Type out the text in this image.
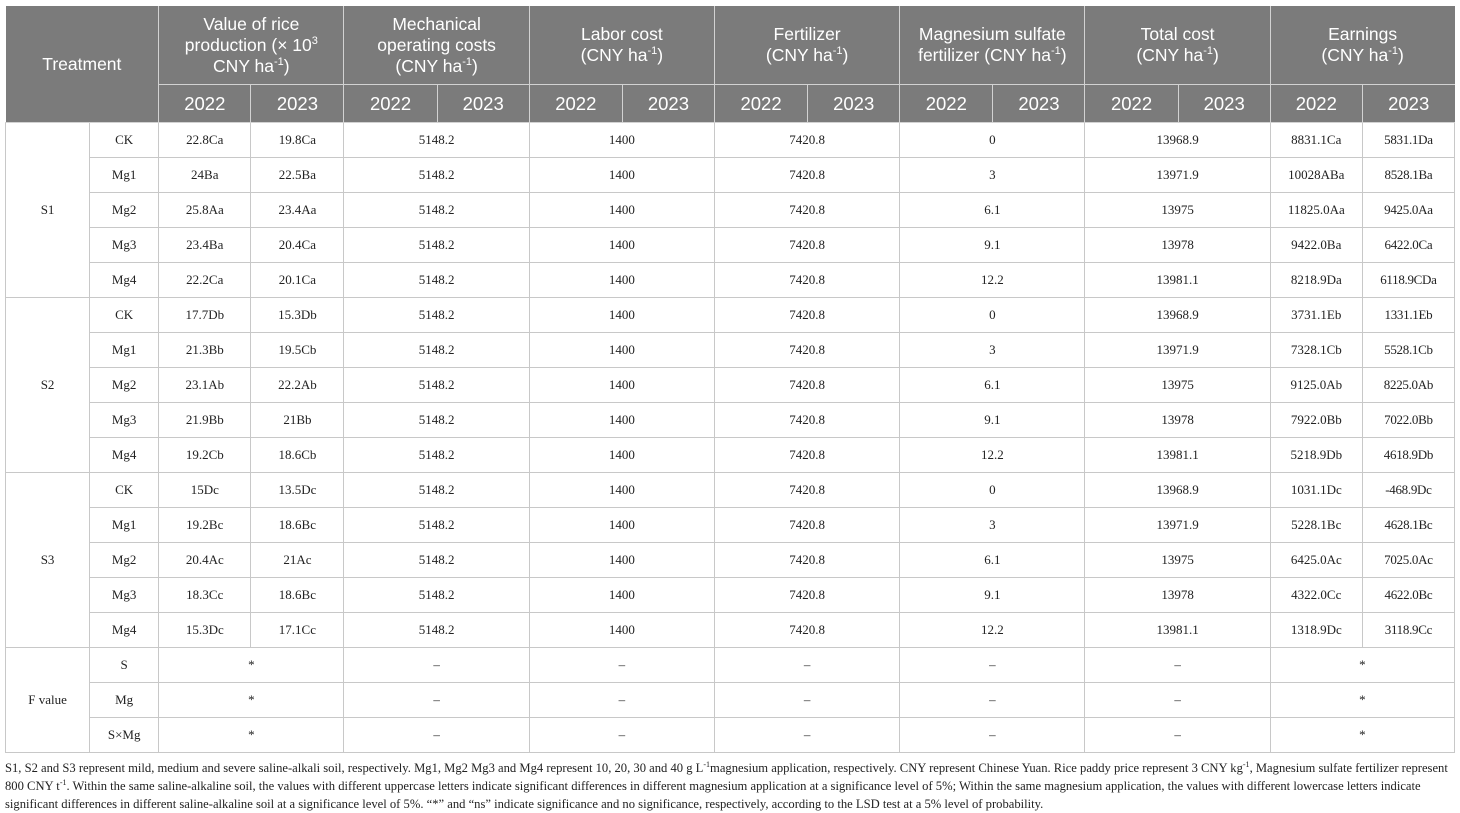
Treatment		Value of rice
production (× $10^3$
CNY $ha^{-1}$)		Mechanical
operating costs
(CNY $ha^{-1}$)		Labor cost
(CNY $ha^{-1}$)		Fertilizer
(CNY $ha^{-1}$)		Magnesium sulfate
fertilizer (CNY $ha^{-1}$)		Total cost
(CNY $ha^{-1}$)		Earnings
(CNY $ha^{-1}$)	
		2022	2023	2022	2023	2022	2023	2022	2023	2022	2023	2022	2023	2022	2023
S1	CK	22.8Ca	19.8Ca	5148.2		1400		7420.8		0		13968.9		8831.1Ca	5831.1Da
	Mg1	24Ba	22.5Ba	5148.2		1400		7420.8		3		13971.9		10028ABa	8528.1Ba
	Mg2	25.8Aa	23.4Aa	5148.2		1400		7420.8		6.1		13975		11825.0Aa	9425.0Aa
	Mg3	23.4Ba	20.4Ca	5148.2		1400		7420.8		9.1		13978		9422.0Ba	6422.0Ca
	Mg4	22.2Ca	20.1Ca	5148.2		1400		7420.8		12.2		13981.1		8218.9Da	6118.9CDa
S2	CK	17.7Db	15.3Db	5148.2		1400		7420.8		0		13968.9		3731.1Eb	1331.1Eb
	Mg1	21.3Bb	19.5Cb	5148.2		1400		7420.8		3		13971.9		7328.1Cb	5528.1Cb
	Mg2	23.1Ab	22.2Ab	5148.2		1400		7420.8		6.1		13975		9125.0Ab	8225.0Ab
	Mg3	21.9Bb	21Bb	5148.2		1400		7420.8		9.1		13978		7922.0Bb	7022.0Bb
	Mg4	19.2Cb	18.6Cb	5148.2		1400		7420.8		12.2		13981.1		5218.9Db	4618.9Db
S3	CK	15Dc	13.5Dc	5148.2		1400		7420.8		0		13968.9		1031.1Dc	-468.9Dc
	Mg1	19.2Bc	18.6Bc	5148.2		1400		7420.8		3		13971.9		5228.1Bc	4628.1Bc
	Mg2	20.4Ac	21Ac	5148.2		1400		7420.8		6.1		13975		6425.0Ac	7025.0Ac
	Mg3	18.3Cc	18.6Bc	5148.2		1400		7420.8		9.1		13978		4322.0Cc	4622.0Bc
	Mg4	15.3Dc	17.1Cc	5148.2		1400		7420.8		12.2		13981.1		1318.9Dc	3118.9Cc
F value	S	*		–		–		–		–		–		*	
	Mg	*		–		–		–		–		–		*	
	S×Mg	*		–		–		–		–		–		*	
S1, S2 and S3 represent mild, medium and severe saline-alkali soil, respectively. Mg1, Mg2 Mg3 and Mg4 represent 10, 20, 30 and 40 g $L^{-1}magnesium$ application, respectively. CNY represent Chinese Yuan. Rice paddy price represent 3 CNY $kg^{-1}$, Magnesium sulfate fertilizer represent 800 CNY $t^{-1}$. Within the same saline-alkaline soil, the values with different uppercase letters indicate significant differences in different magnesium application at a significance level of 5%; Within the same magnesium application, the values with different lowercase letters indicate significant differences in different saline-alkaline soil at a significance level of 5%. “*” and “ns” indicate significance and no significance, respectively, according to the LSD test at a 5% level of probability.
